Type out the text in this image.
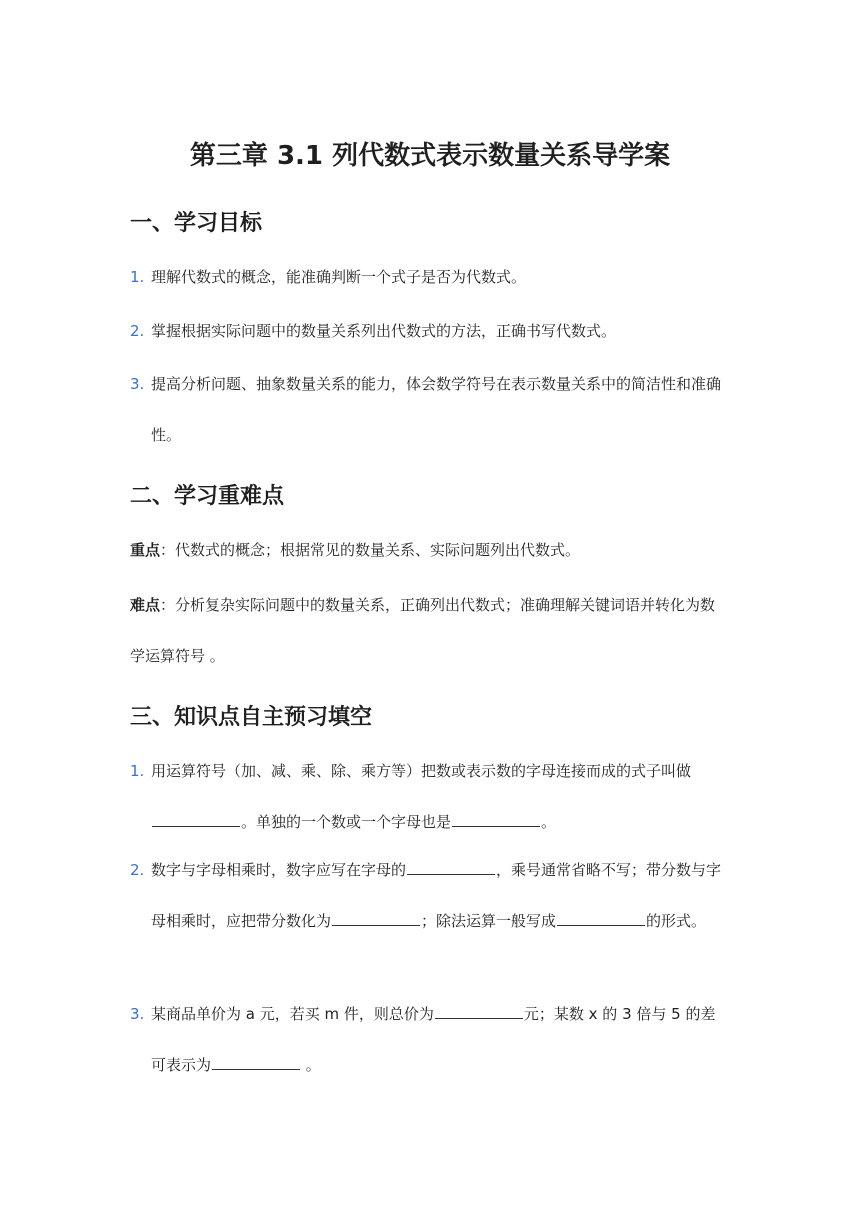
第三章 3.1 列代数式表示数量关系导学案
一、学习目标
1. 理解代数式的概念，能准确判断一个式子是否为代数式。
2. 掌握根据实际问题中的数量关系列出代数式的方法，正确书写代数式。
3. 提高分析问题、抽象数量关系的能力，体会数学符号在表示数量关系中的简洁性和准确性。
二、学习重难点
重点：代数式的概念；根据常见的数量关系、实际问题列出代数式。
难点：分析复杂实际问题中的数量关系，正确列出代数式；准确理解关键词语并转化为数学运算符号 。
三、知识点自主预习填空
1. 用运算符号（加、减、乘、除、乘方等）把数或表示数的字母连接而成的式子叫做。单独的一个数或一个字母也是	。
2. 数字与字母相乘时，数字应写在字母的	，乘号通常省略不写；带分数与字母相乘时，应把带分数化为	；除法运算一般写成	的形式。
3. 某商品单价为 a 元，若买 m 件，则总价为	元；某数 x 的 3 倍与 5 的差可表示为	。
